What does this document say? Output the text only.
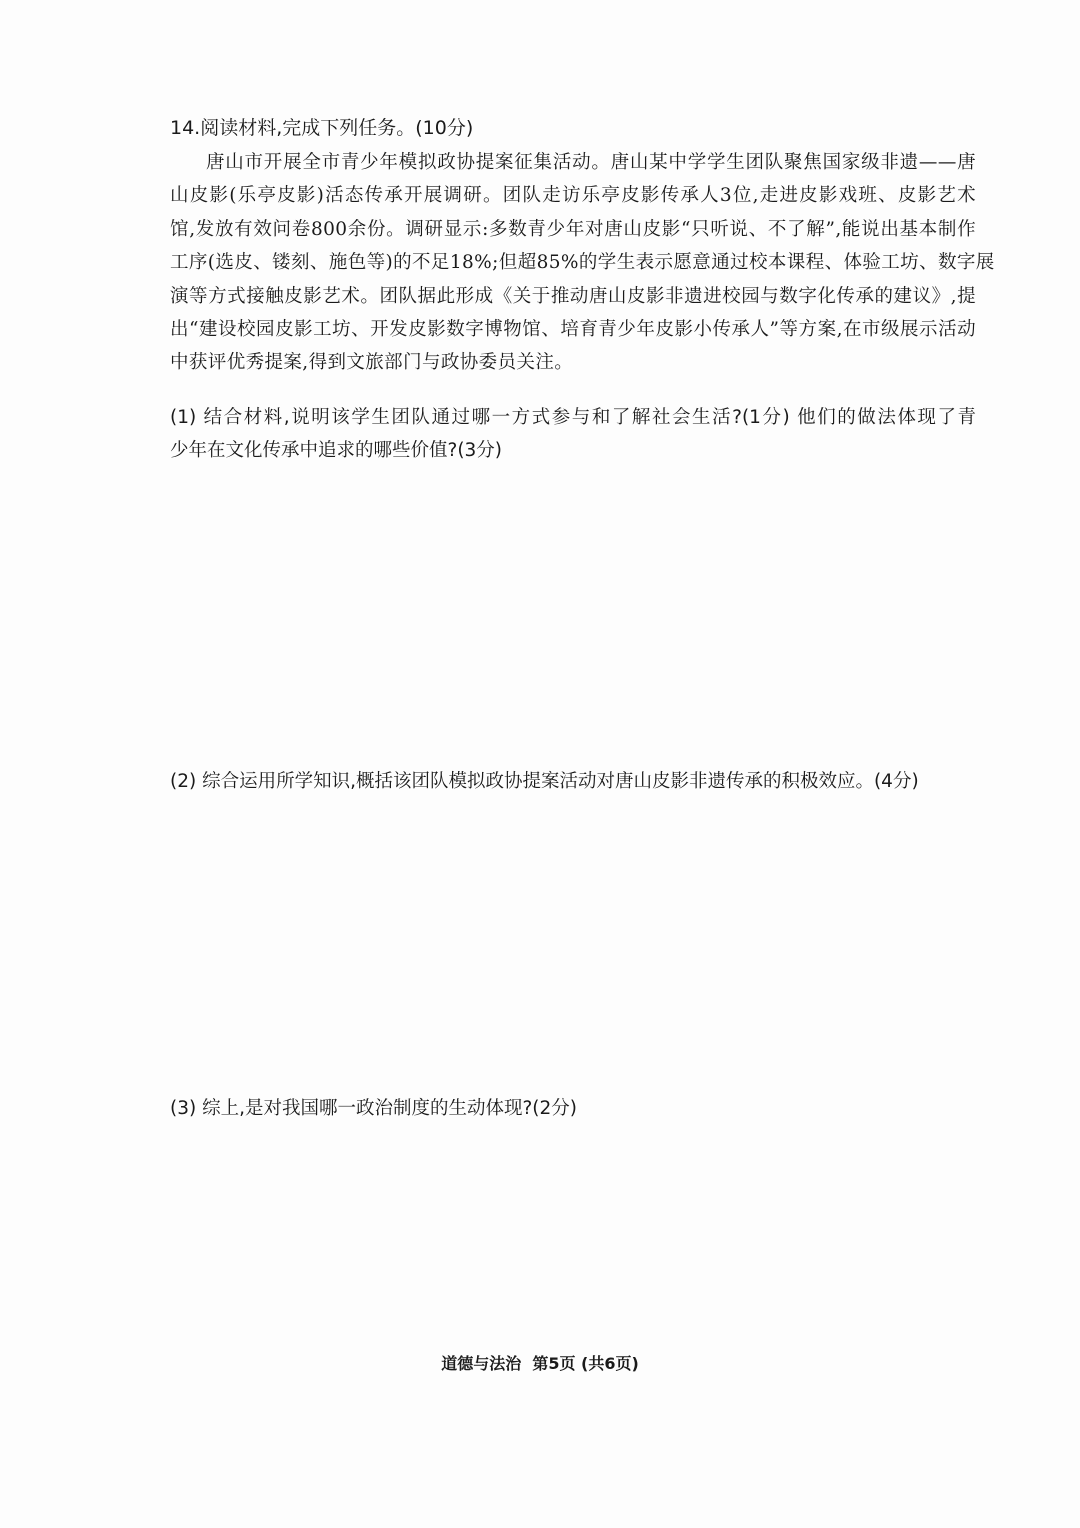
14.阅读材料,完成下列任务。(10分)
唐山市开展全市青少年模拟政协提案征集活动。唐山某中学学生团队聚焦国家级非遗——唐
山皮影(乐亭皮影)活态传承开展调研。团队走访乐亭皮影传承人3位,走进皮影戏班、皮影艺术
馆,发放有效问卷800余份。调研显示:多数青少年对唐山皮影“只听说、不了解”,能说出基本制作
工序(选皮、镂刻、施色等)的不足18%;但超85%的学生表示愿意通过校本课程、体验工坊、数字展
演等方式接触皮影艺术。团队据此形成《关于推动唐山皮影非遗进校园与数字化传承的建议》,提
出“建设校园皮影工坊、开发皮影数字博物馆、培育青少年皮影小传承人”等方案,在市级展示活动
中获评优秀提案,得到文旅部门与政协委员关注。
(1) 结合材料,说明该学生团队通过哪一方式参与和了解社会生活?(1分) 他们的做法体现了青
少年在文化传承中追求的哪些价值?(3分)
(2) 综合运用所学知识,概括该团队模拟政协提案活动对唐山皮影非遗传承的积极效应。(4分)
(3) 综上,是对我国哪一政治制度的生动体现?(2分)
道德与法治  第5页 (共6页)
